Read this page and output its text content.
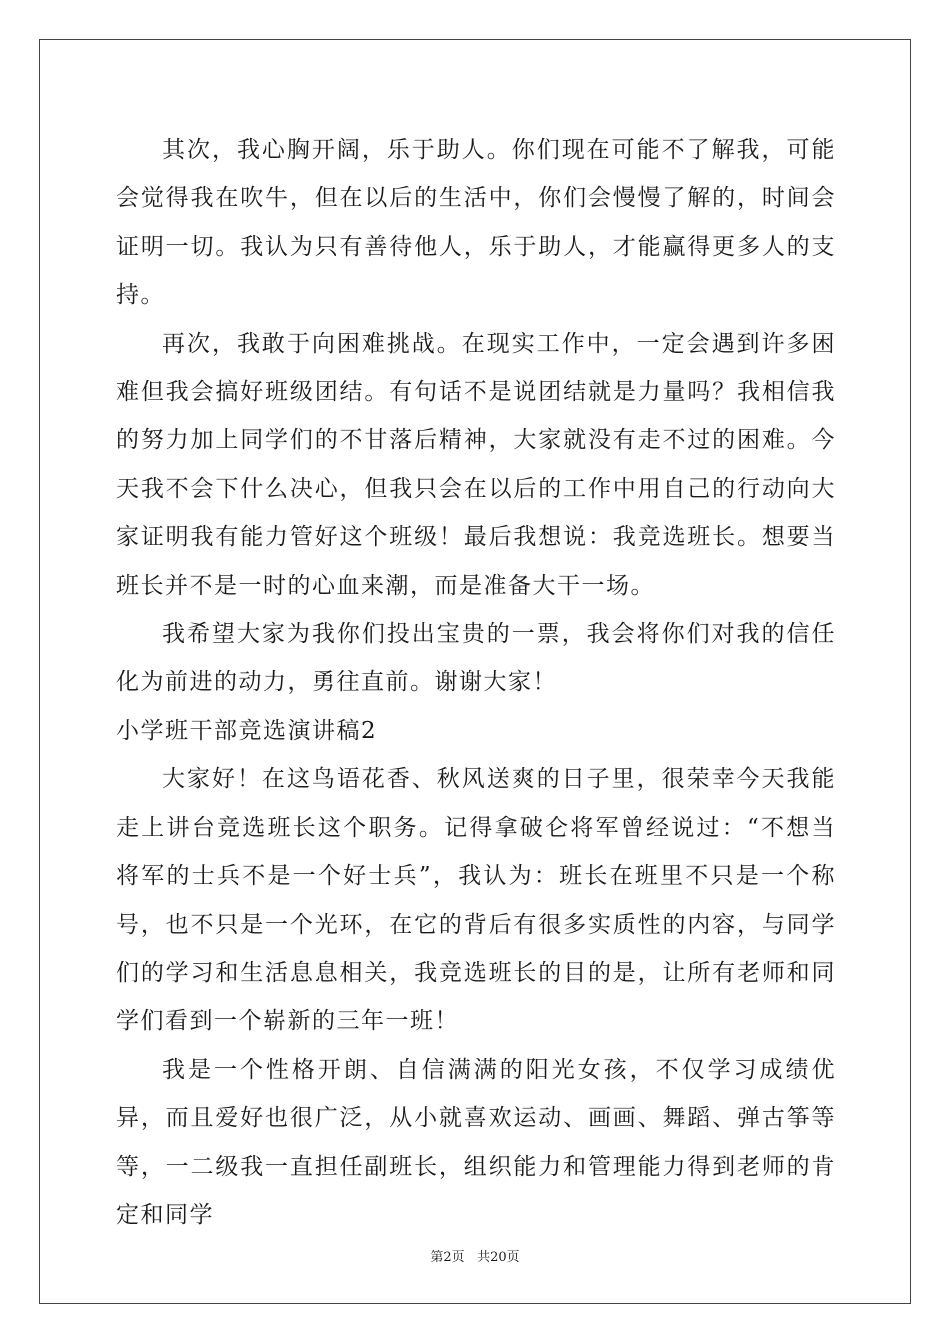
其次，我心胸开阔，乐于助人。你们现在可能不了解我，可能会觉得我在吹牛，但在以后的生活中，你们会慢慢了解的，时间会证明一切。我认为只有善待他人，乐于助人，才能赢得更多人的支持。

再次，我敢于向困难挑战。在现实工作中，一定会遇到许多困难但我会搞好班级团结。有句话不是说团结就是力量吗？我相信我的努力加上同学们的不甘落后精神，大家就没有走不过的困难。今天我不会下什么决心，但我只会在以后的工作中用自己的行动向大家证明我有能力管好这个班级！最后我想说：我竞选班长。想要当班长并不是一时的心血来潮，而是准备大干一场。

我希望大家为我你们投出宝贵的一票，我会将你们对我的信任化为前进的动力，勇往直前。谢谢大家！

小学班干部竞选演讲稿2

大家好！在这鸟语花香、秋风送爽的日子里，很荣幸今天我能走上讲台竞选班长这个职务。记得拿破仑将军曾经说过：“不想当将军的士兵不是一个好士兵”，我认为：班长在班里不只是一个称号，也不只是一个光环，在它的背后有很多实质性的内容，与同学们的学习和生活息息相关，我竞选班长的目的是，让所有老师和同学们看到一个崭新的三年一班！

我是一个性格开朗、自信满满的阳光女孩，不仅学习成绩优异，而且爱好也很广泛，从小就喜欢运动、画画、舞蹈、弹古筝等等，一二级我一直担任副班长，组织能力和管理能力得到老师的肯定和同学

第2页 共20页
